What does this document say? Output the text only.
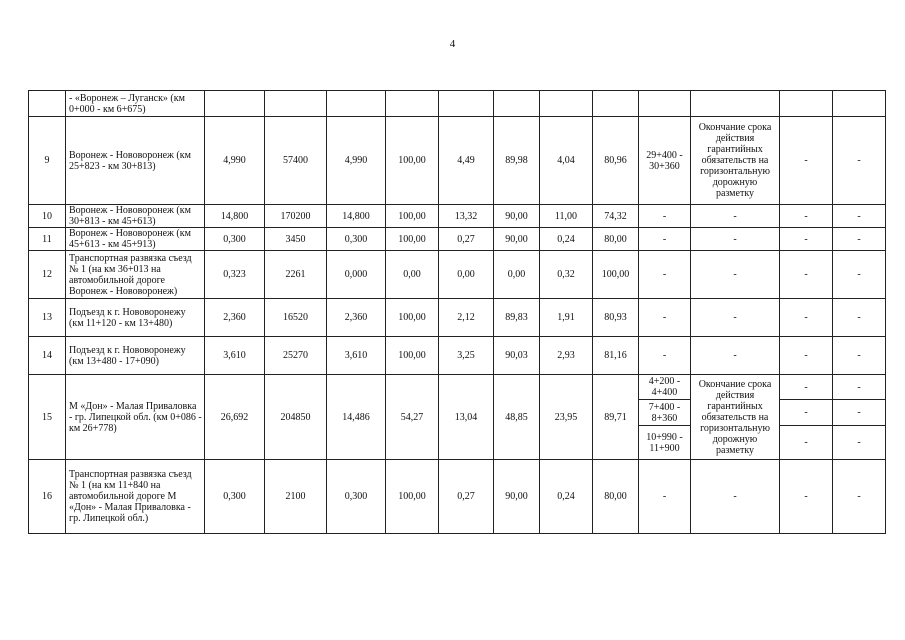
4
	- «Воронеж – Луганск» (км 0+000 - км 6+675)												
9	Воронеж - Нововоронеж (км 25+823 - км 30+813)	4,990	57400	4,990	100,00	4,49	89,98	4,04	80,96	29+400 - 30+360	Окончание срока действия гарантийных обязательств на горизонтальную дорожную разметку	-	-
10	Воронеж - Нововоронеж (км 30+813 - км 45+613)	14,800	170200	14,800	100,00	13,32	90,00	11,00	74,32	-	-	-	-
11	Воронеж - Нововоронеж (км 45+613 - км 45+913)	0,300	3450	0,300	100,00	0,27	90,00	0,24	80,00	-	-	-	-
12	Транспортная развязка съезд № 1 (на км 36+013 на автомобильной дороге Воронеж - Нововоронеж)	0,323	2261	0,000	0,00	0,00	0,00	0,32	100,00	-	-	-	-
13	Подъезд к г. Нововоронежу (км 11+120 - км 13+480)	2,360	16520	2,360	100,00	2,12	89,83	1,91	80,93	-	-	-	-
14	Подъезд к г. Нововоронежу (км 13+480 - 17+090)	3,610	25270	3,610	100,00	3,25	90,03	2,93	81,16	-	-	-	-
15	М «Дон» - Малая Приваловка - гр. Липецкой обл. (км 0+086 - км 26+778)	26,692	204850	14,486	54,27	13,04	48,85	23,95	89,71	4+200 - 4+400	Окончание срока действия гарантийных обязательств на горизонтальную дорожную разметку	-	-
										7+400 - 8+360		-	-
										10+990 - 11+900		-	-
16	Транспортная развязка съезд № 1 (на км 11+840 на автомобильной дороге М «Дон» - Малая Приваловка - гр. Липецкой обл.)	0,300	2100	0,300	100,00	0,27	90,00	0,24	80,00	-	-	-	-
